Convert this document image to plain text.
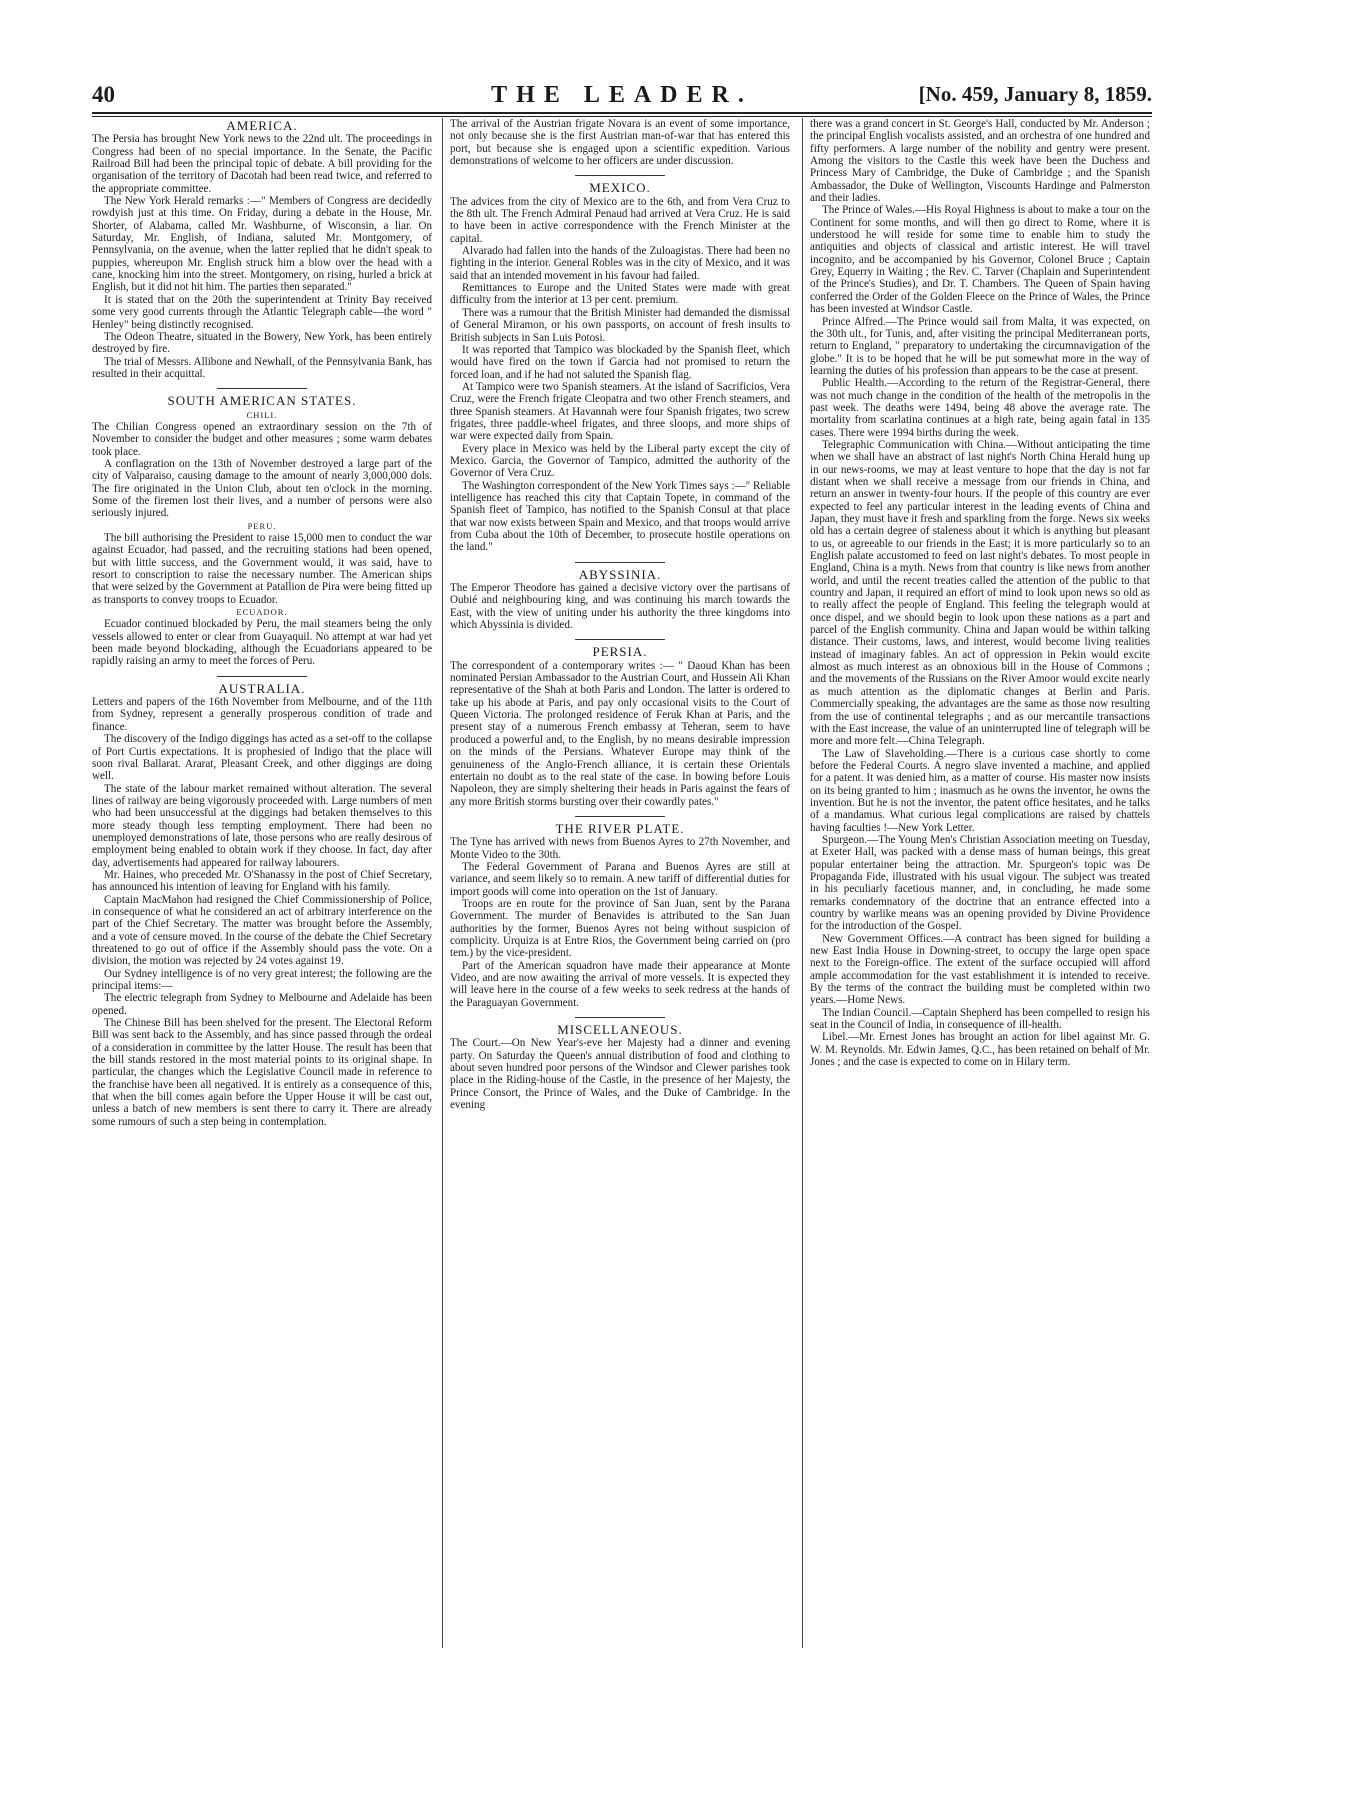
40	THE LEADER.	[No. 459, January 8, 1859.
AMERICA.

The Persia has brought New York news to the 22nd ult. The proceedings in Congress had been of no special importance. In the Senate, the Pacific Railroad Bill had been the principal topic of debate. A bill providing for the organisation of the territory of Dacotah had been read twice, and referred to the appropriate committee.

The New York Herald remarks :—" Members of Congress are decidedly rowdyish just at this time. On Friday, during a debate in the House, Mr. Shorter, of Alabama, called Mr. Washburne, of Wisconsin, a liar. On Saturday, Mr. English, of Indiana, saluted Mr. Montgomery, of Pennsylvania, on the avenue, when the latter replied that he didn't speak to puppies, whereupon Mr. English struck him a blow over the head with a cane, knocking him into the street. Montgomery, on rising, hurled a brick at English, but it did not hit him. The parties then separated."

It is stated that on the 20th the superintendent at Trinity Bay received some very good currents through the Atlantic Telegraph cable—the word " Henley" being distinctly recognised.

The Odeon Theatre, situated in the Bowery, New York, has been entirely destroyed by fire.

The trial of Messrs. Allibone and Newhall, of the Pennsylvania Bank, has resulted in their acquittal.

SOUTH AMERICAN STATES.
CHILI.

The Chilian Congress opened an extraordinary session on the 7th of November to consider the budget and other measures ; some warm debates took place.

A conflagration on the 13th of November destroyed a large part of the city of Valparaiso, causing damage to the amount of nearly 3,000,000 dols. The fire originated in the Union Club, about ten o'clock in the morning. Some of the firemen lost their lives, and a number of persons were also seriously injured.

PERU.

The bill authorising the President to raise 15,000 men to conduct the war against Ecuador, had passed, and the recruiting stations had been opened, but with little success, and the Government would, it was said, have to resort to conscription to raise the necessary number. The American ships that were seized by the Government at Patallion de Pira were being fitted up as transports to convey troops to Ecuador.

ECUADOR.

Ecuador continued blockaded by Peru, the mail steamers being the only vessels allowed to enter or clear from Guayaquil. No attempt at war had yet been made beyond blockading, although the Ecuadorians appeared to be rapidly raising an army to meet the forces of Peru.

AUSTRALIA.

Letters and papers of the 16th November from Melbourne, and of the 11th from Sydney, represent a generally prosperous condition of trade and finance.

The discovery of the Indigo diggings has acted as a set-off to the collapse of Port Curtis expectations. It is prophesied of Indigo that the place will soon rival Ballarat. Ararat, Pleasant Creek, and other diggings are doing well.

The state of the labour market remained without alteration. The several lines of railway are being vigorously proceeded with. Large numbers of men who had been unsuccessful at the diggings had betaken themselves to this more steady though less tempting employment. There had been no unemployed demonstrations of late, those persons who are really desirous of employment being enabled to obtain work if they choose. In fact, day after day, advertisements had appeared for railway labourers.

Mr. Haines, who preceded Mr. O'Shanassy in the post of Chief Secretary, has announced his intention of leaving for England with his family.

Captain MacMahon had resigned the Chief Commissionership of Police, in consequence of what he considered an act of arbitrary interference on the part of the Chief Secretary. The matter was brought before the Assembly, and a vote of censure moved. In the course of the debate the Chief Secretary threatened to go out of office if the Assembly should pass the vote. On a division, the motion was rejected by 24 votes against 19.

Our Sydney intelligence is of no very great interest; the following are the principal items:—

The electric telegraph from Sydney to Melbourne and Adelaide has been opened.

The Chinese Bill has been shelved for the present. The Electoral Reform Bill was sent back to the Assembly, and has since passed through the ordeal of a consideration in committee by the latter House. The result has been that the bill stands restored in the most material points to its original shape. In particular, the changes which the Legislative Council made in reference to the franchise have been all negatived. It is entirely as a consequence of this, that when the bill comes again before the Upper House it will be cast out, unless a batch of new members is sent there to carry it. There are already some rumours of such a step being in contemplation.

The arrival of the Austrian frigate Novara is an event of some importance, not only because she is the first Austrian man-of-war that has entered this port, but because she is engaged upon a scientific expedition. Various demonstrations of welcome to her officers are under discussion.

MEXICO.

The advices from the city of Mexico are to the 6th, and from Vera Cruz to the 8th ult. The French Admiral Penaud had arrived at Vera Cruz. He is said to have been in active correspondence with the French Minister at the capital.

Alvarado had fallen into the hands of the Zuloagistas. There had been no fighting in the interior. General Robles was in the city of Mexico, and it was said that an intended movement in his favour had failed.

Remittances to Europe and the United States were made with great difficulty from the interior at 13 per cent. premium.

There was a rumour that the British Minister had demanded the dismissal of General Miramon, or his own passports, on account of fresh insults to British subjects in San Luis Potosi.

It was reported that Tampico was blockaded by the Spanish fleet, which would have fired on the town if Garcia had not promised to return the forced loan, and if he had not saluted the Spanish flag.

At Tampico were two Spanish steamers. At the island of Sacrificios, Vera Cruz, were the French frigate Cleopatra and two other French steamers, and three Spanish steamers. At Havannah were four Spanish frigates, two screw frigates, three paddle-wheel frigates, and three sloops, and more ships of war were expected daily from Spain.

Every place in Mexico was held by the Liberal party except the city of Mexico. Garcia, the Governor of Tampico, admitted the authority of the Governor of Vera Cruz.

The Washington correspondent of the New York Times says :—" Reliable intelligence has reached this city that Captain Topete, in command of the Spanish fleet of Tampico, has notified to the Spanish Consul at that place that war now exists between Spain and Mexico, and that troops would arrive from Cuba about the 10th of December, to prosecute hostile operations on the land."

ABYSSINIA.

The Emperor Theodore has gained a decisive victory over the partisans of Oubié and neighbouring king, and was continuing his march towards the East, with the view of uniting under his authority the three kingdoms into which Abyssinia is divided.

PERSIA.

The correspondent of a contemporary writes :— " Daoud Khan has been nominated Persian Ambassador to the Austrian Court, and Hussein Ali Khan representative of the Shah at both Paris and London. The latter is ordered to take up his abode at Paris, and pay only occasional visits to the Court of Queen Victoria. The prolonged residence of Feruk Khan at Paris, and the present stay of a numerous French embassy at Teheran, seem to have produced a powerful and, to the English, by no means desirable impression on the minds of the Persians. Whatever Europe may think of the genuineness of the Anglo-French alliance, it is certain these Orientals entertain no doubt as to the real state of the case. In bowing before Louis Napoleon, they are simply sheltering their heads in Paris against the fears of any more British storms bursting over their cowardly pates."

THE RIVER PLATE.

The Tyne has arrived with news from Buenos Ayres to 27th November, and Monte Video to the 30th.

The Federal Government of Parana and Buenos Ayres are still at variance, and seem likely so to remain. A new tariff of differential duties for import goods will come into operation on the 1st of January.

Troops are en route for the province of San Juan, sent by the Parana Government. The murder of Benavides is attributed to the San Juan authorities by the former, Buenos Ayres not being without suspicion of complicity. Urquiza is at Entre Rios, the Government being carried on (pro tem.) by the vice-president.

Part of the American squadron have made their appearance at Monte Video, and are now awaiting the arrival of more vessels. It is expected they will leave here in the course of a few weeks to seek redress at the hands of the Paraguayan Government.

MISCELLANEOUS.

The Court.—On New Year's-eve her Majesty had a dinner and evening party. On Saturday the Queen's annual distribution of food and clothing to about seven hundred poor persons of the Windsor and Clewer parishes took place in the Riding-house of the Castle, in the presence of her Majesty, the Prince Consort, the Prince of Wales, and the Duke of Cambridge. In the evening

there was a grand concert in St. George's Hall, conducted by Mr. Anderson ; the principal English vocalists assisted, and an orchestra of one hundred and fifty performers. A large number of the nobility and gentry were present. Among the visitors to the Castle this week have been the Duchess and Princess Mary of Cambridge, the Duke of Cambridge ; and the Spanish Ambassador, the Duke of Wellington, Viscounts Hardinge and Palmerston and their ladies.

The Prince of Wales.—His Royal Highness is about to make a tour on the Continent for some months, and will then go direct to Rome, where it is understood he will reside for some time to enable him to study the antiquities and objects of classical and artistic interest. He will travel incognito, and be accompanied by his Governor, Colonel Bruce ; Captain Grey, Equerry in Waiting ; the Rev. C. Tarver (Chaplain and Superintendent of the Prince's Studies), and Dr. T. Chambers. The Queen of Spain having conferred the Order of the Golden Fleece on the Prince of Wales, the Prince has been invested at Windsor Castle.

Prince Alfred.—The Prince would sail from Malta, it was expected, on the 30th ult., for Tunis, and, after visiting the principal Mediterranean ports, return to England, " preparatory to undertaking the circumnavigation of the globe." It is to be hoped that he will be put somewhat more in the way of learning the duties of his profession than appears to be the case at present.

Public Health.—According to the return of the Registrar-General, there was not much change in the condition of the health of the metropolis in the past week. The deaths were 1494, being 48 above the average rate. The mortality from scarlatina continues at a high rate, being again fatal in 135 cases. There were 1994 births during the week.

Telegraphic Communication with China.—Without anticipating the time when we shall have an abstract of last night's North China Herald hung up in our news-rooms, we may at least venture to hope that the day is not far distant when we shall receive a message from our friends in China, and return an answer in twenty-four hours. If the people of this country are ever expected to feel any particular interest in the leading events of China and Japan, they must have it fresh and sparkling from the forge. News six weeks old has a certain degree of staleness about it which is anything but pleasant to us, or agreeable to our friends in the East; it is more particularly so to an English palate accustomed to feed on last night's debates. To most people in England, China is a myth. News from that country is like news from another world, and until the recent treaties called the attention of the public to that country and Japan, it required an effort of mind to look upon news so old as to really affect the people of England. This feeling the telegraph would at once dispel, and we should begin to look upon these nations as a part and parcel of the English community. China and Japan would be within talking distance. Their customs, laws, and interest, would become living realities instead of imaginary fables. An act of oppression in Pekin would excite almost as much interest as an obnoxious bill in the House of Commons ; and the movements of the Russians on the River Amoor would excite nearly as much attention as the diplomatic changes at Berlin and Paris. Commercially speaking, the advantages are the same as those now resulting from the use of continental telegraphs ; and as our mercantile transactions with the East increase, the value of an uninterrupted line of telegraph will be more and more felt.—China Telegraph.

The Law of Slaveholding.—There is a curious case shortly to come before the Federal Courts. A negro slave invented a machine, and applied for a patent. It was denied him, as a matter of course. His master now insists on its being granted to him ; inasmuch as he owns the inventor, he owns the invention. But he is not the inventor, the patent office hesitates, and he talks of a mandamus. What curious legal complications are raised by chattels having faculties !—New York Letter.

Spurgeon.—The Young Men's Christian Association meeting on Tuesday, at Exeter Hall, was packed with a dense mass of human beings, this great popular entertainer being the attraction. Mr. Spurgeon's topic was De Propaganda Fide, illustrated with his usual vigour. The subject was treated in his peculiarly facetious manner, and, in concluding, he made some remarks condemnatory of the doctrine that an entrance effected into a country by warlike means was an opening provided by Divine Providence for the introduction of the Gospel.

New Government Offices.—A contract has been signed for building a new East India House in Downing-street, to occupy the large open space next to the Foreign-office. The extent of the surface occupied will afford ample accommodation for the vast establishment it is intended to receive. By the terms of the contract the building must be completed within two years.—Home News.

The Indian Council.—Captain Shepherd has been compelled to resign his seat in the Council of India, in consequence of ill-health.

Libel.—Mr. Ernest Jones has brought an action for libel against Mr. G. W. M. Reynolds. Mr. Edwin James, Q.C., has been retained on behalf of Mr. Jones ; and the case is expected to come on in Hilary term.
